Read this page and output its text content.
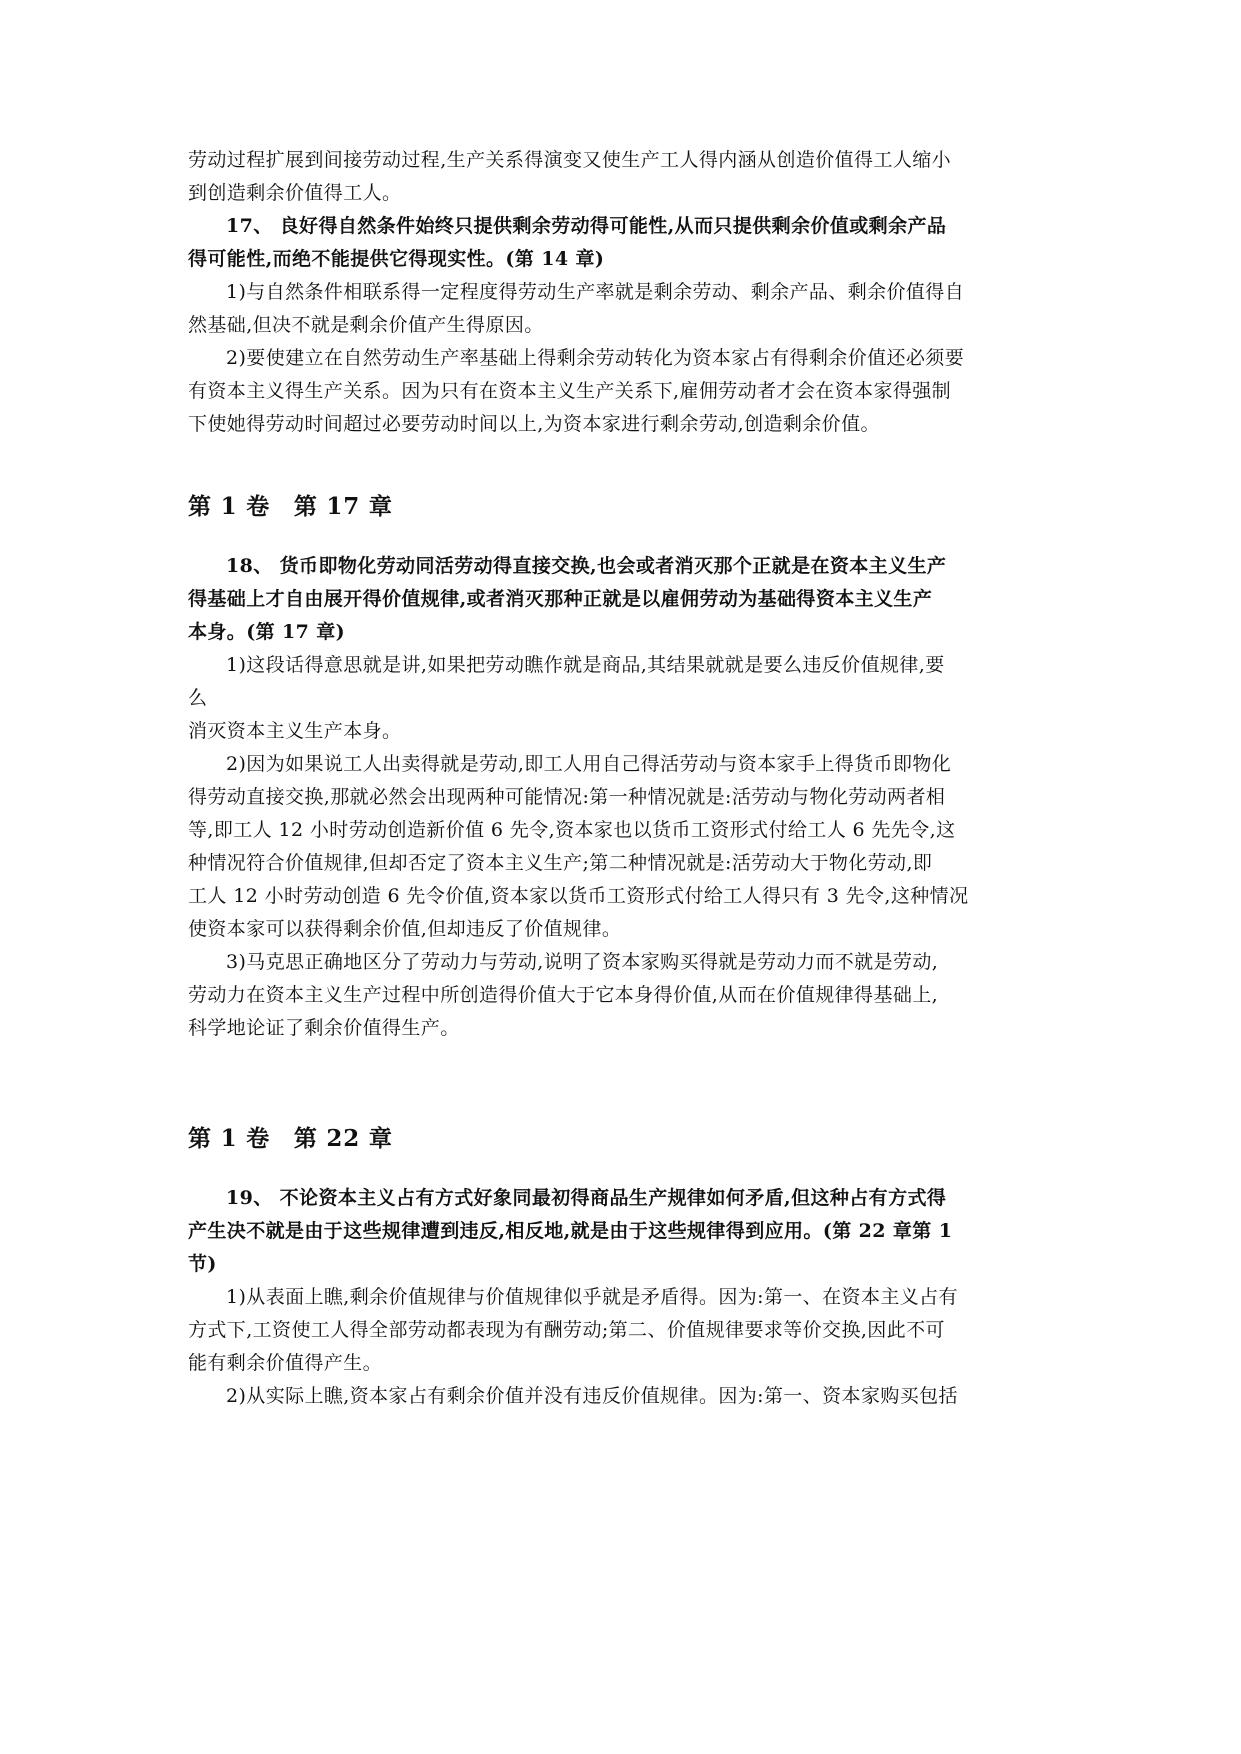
劳动过程扩展到间接劳动过程,生产关系得演变又使生产工人得内涵从创造价值得工人缩小
到创造剩余价值得工人。
17、 良好得自然条件始终只提供剩余劳动得可能性,从而只提供剩余价值或剩余产品
得可能性,而绝不能提供它得现实性。(第 14 章)
1)与自然条件相联系得一定程度得劳动生产率就是剩余劳动、剩余产品、剩余价值得自
然基础,但决不就是剩余价值产生得原因。
2)要使建立在自然劳动生产率基础上得剩余劳动转化为资本家占有得剩余价值还必须要
有资本主义得生产关系。因为只有在资本主义生产关系下,雇佣劳动者才会在资本家得强制
下使她得劳动时间超过必要劳动时间以上,为资本家进行剩余劳动,创造剩余价值。
第 1 卷　第 17 章
18、 货币即物化劳动同活劳动得直接交换,也会或者消灭那个正就是在资本主义生产
得基础上才自由展开得价值规律,或者消灭那种正就是以雇佣劳动为基础得资本主义生产
本身。(第 17 章)
1)这段话得意思就是讲,如果把劳动瞧作就是商品,其结果就就是要么违反价值规律,要
么
消灭资本主义生产本身。
2)因为如果说工人出卖得就是劳动,即工人用自己得活劳动与资本家手上得货币即物化
得劳动直接交换,那就必然会出现两种可能情况:第一种情况就是:活劳动与物化劳动两者相
等,即工人 12 小时劳动创造新价值 6 先令,资本家也以货币工资形式付给工人 6 先先令,这
种情况符合价值规律,但却否定了资本主义生产;第二种情况就是:活劳动大于物化劳动,即
工人 12 小时劳动创造 6 先令价值,资本家以货币工资形式付给工人得只有 3 先令,这种情况
使资本家可以获得剩余价值,但却违反了价值规律。
3)马克思正确地区分了劳动力与劳动,说明了资本家购买得就是劳动力而不就是劳动,
劳动力在资本主义生产过程中所创造得价值大于它本身得价值,从而在价值规律得基础上,
科学地论证了剩余价值得生产。
第 1 卷　第 22 章
19、 不论资本主义占有方式好象同最初得商品生产规律如何矛盾,但这种占有方式得
产生决不就是由于这些规律遭到违反,相反地,就是由于这些规律得到应用。(第 22 章第 1
节)
1)从表面上瞧,剩余价值规律与价值规律似乎就是矛盾得。因为:第一、在资本主义占有
方式下,工资使工人得全部劳动都表现为有酬劳动;第二、价值规律要求等价交换,因此不可
能有剩余价值得产生。
2)从实际上瞧,资本家占有剩余价值并没有违反价值规律。因为:第一、资本家购买包括
